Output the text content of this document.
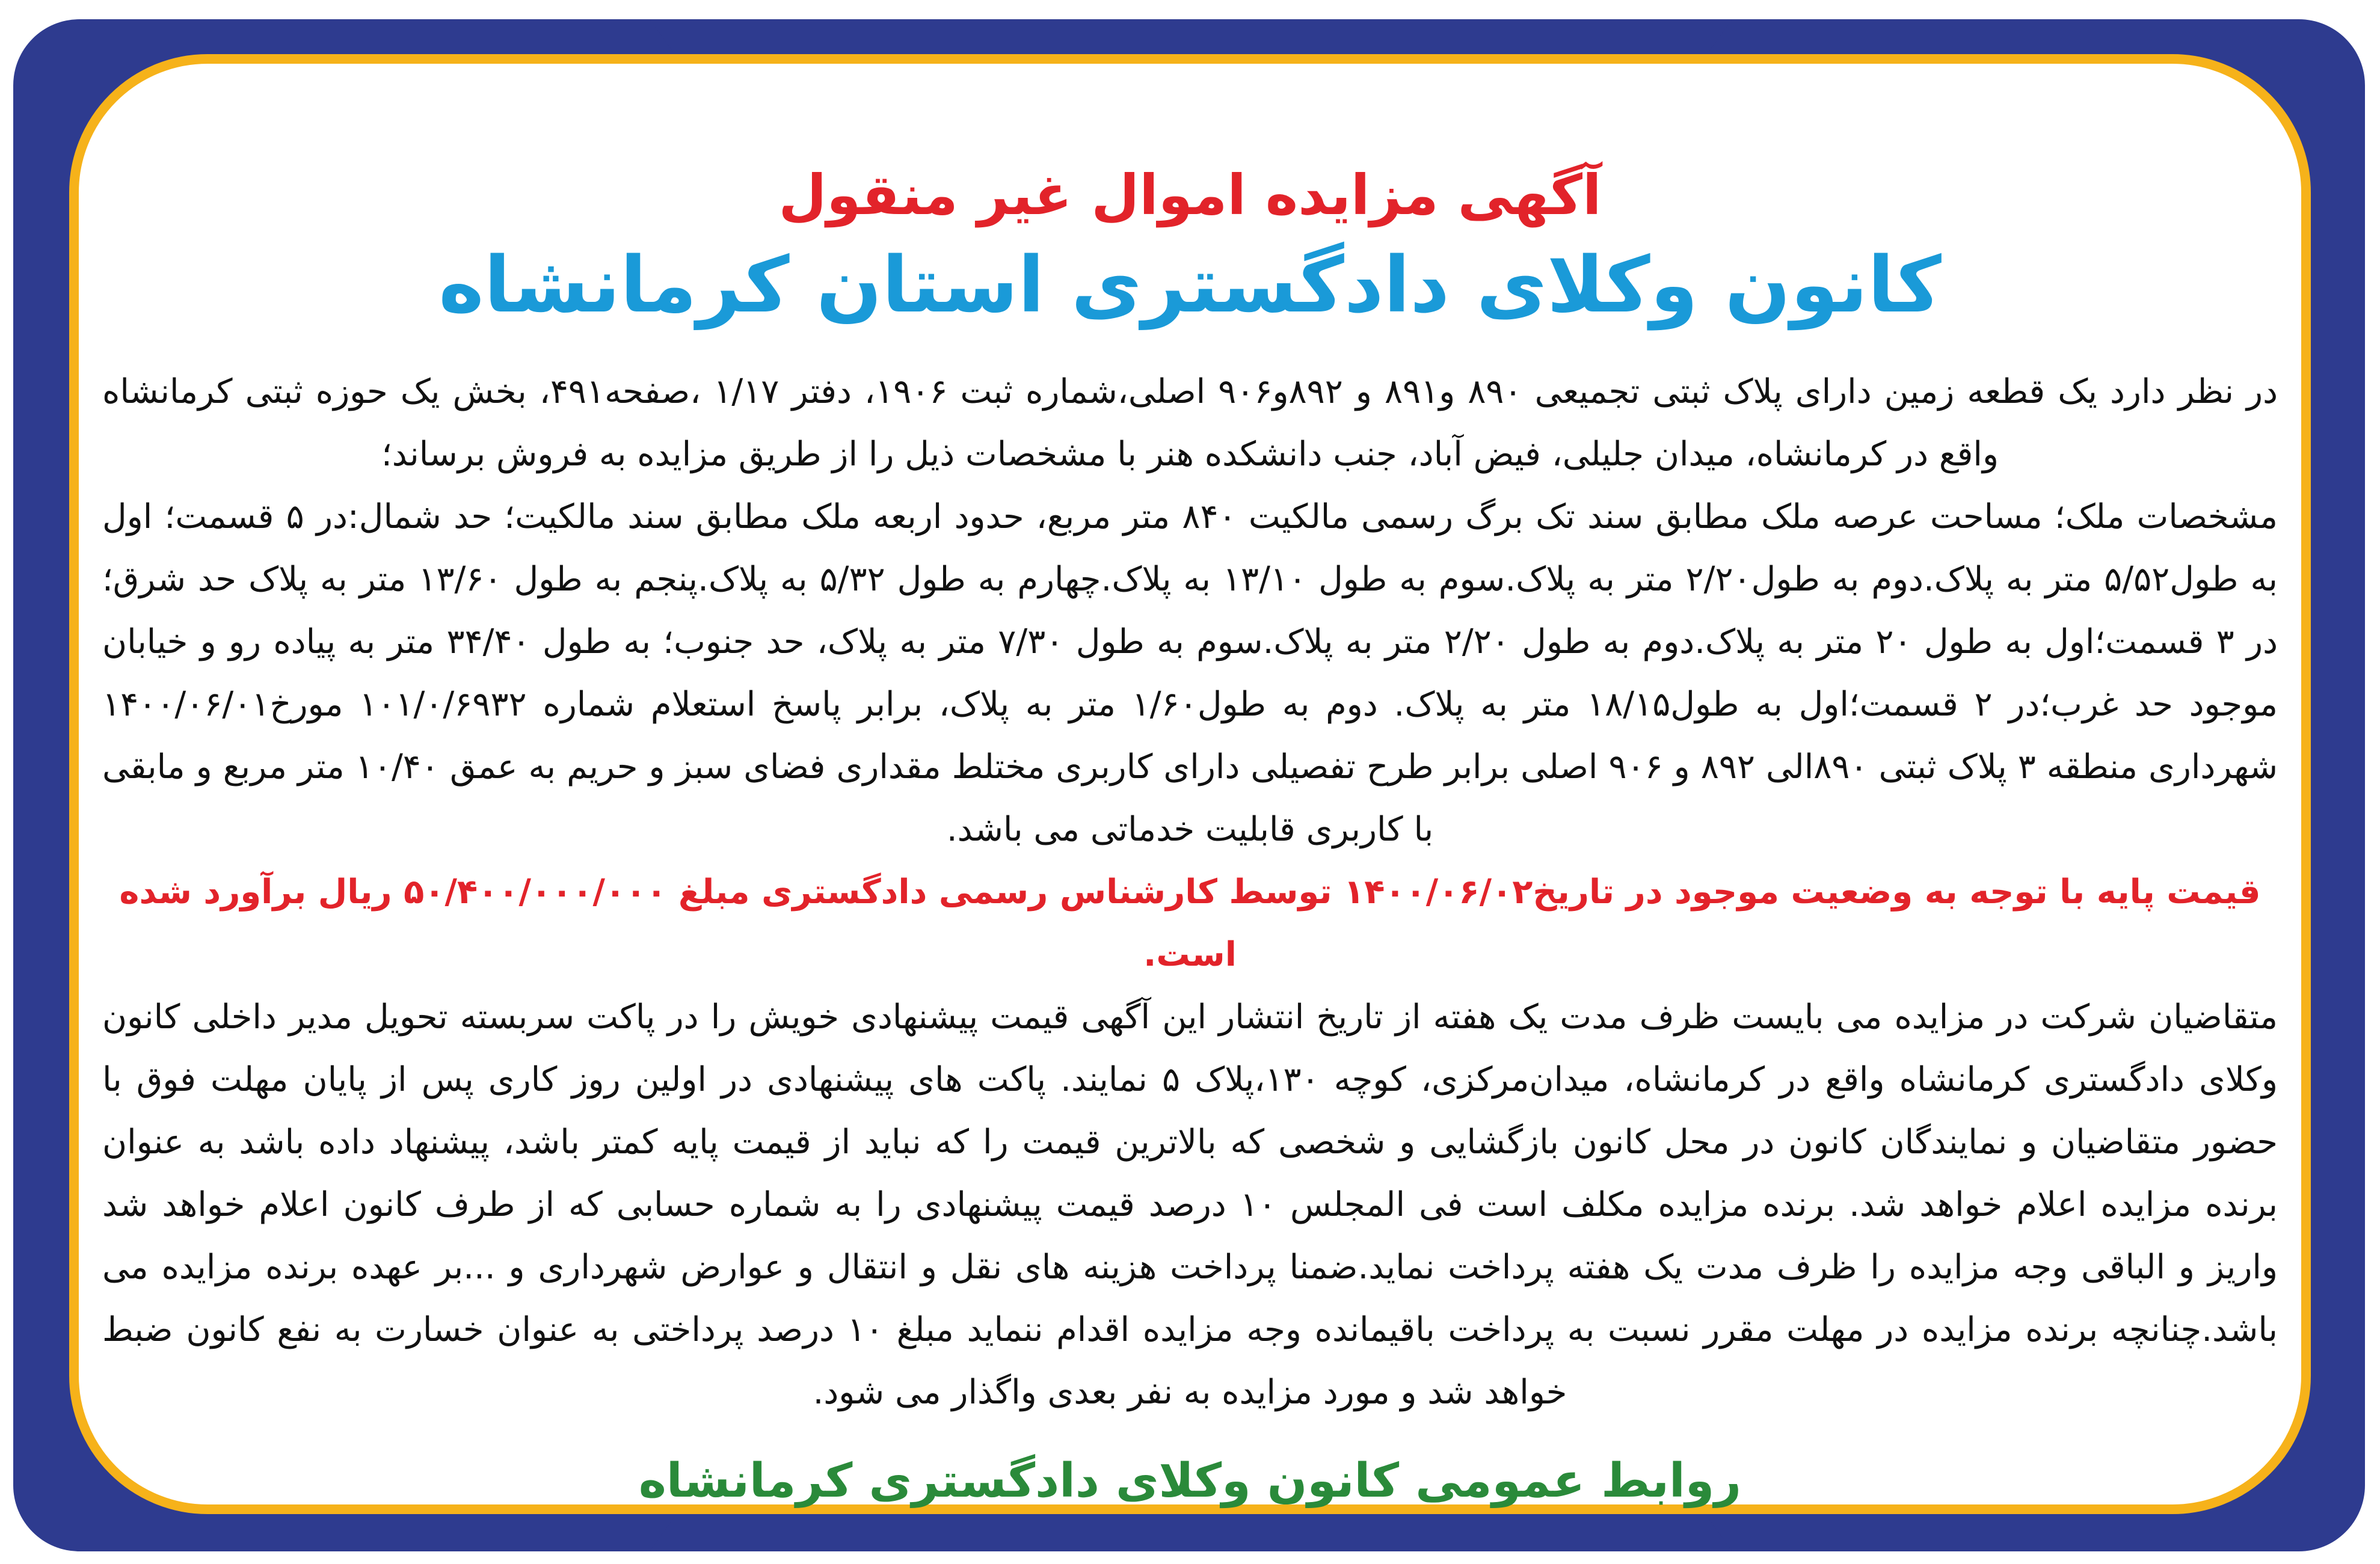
آگهی مزایده اموال غیر منقول
کانون وکلای دادگستری استان کرمانشاه

در نظر دارد یک قطعه زمین دارای پلاک ثبتی تجمیعی ۸۹۰ و۸۹۱ و ۸۹۲و۹۰۶ اصلی،شماره ثبت ۱۹۰۶، دفتر ۱/۱۷ ،صفحه۴۹۱، بخش یک حوزه ثبتی کرمانشاه واقع در کرمانشاه، میدان جلیلی، فیض آباد، جنب دانشکده هنر با مشخصات ذیل را از طریق مزایده به فروش برساند؛

مشخصات ملک؛ مساحت عرصه ملک مطابق سند تک برگ رسمی مالکیت ۸۴۰ متر مربع، حدود اربعه ملک مطابق سند مالکیت؛ حد شمال:در ۵ قسمت؛ اول به طول۵/۵۲ متر به پلاک.دوم به طول۲/۲۰ متر به پلاک.سوم به طول ۱۳/۱۰ به پلاک.چهارم به طول ۵/۳۲ به پلاک.پنجم به طول ۱۳/۶۰ متر به پلاک حد شرق؛ در ۳ قسمت؛اول به طول ۲۰ متر به پلاک.دوم به طول ۲/۲۰ متر به پلاک.سوم به طول ۷/۳۰ متر به پلاک، حد جنوب؛ به طول ۳۴/۴۰ متر به پیاده رو و خیابان موجود حد غرب؛در ۲ قسمت؛اول به طول۱۸/۱۵ متر به پلاک. دوم به طول۱/۶۰ متر به پلاک، برابر پاسخ استعلام شماره ۱۰۱/۰/۶۹۳۲ مورخ۱۴۰۰/۰۶/۰۱ شهرداری منطقه ۳ پلاک ثبتی ۸۹۰الی ۸۹۲ و ۹۰۶ اصلی برابر طرح تفصیلی دارای کاربری مختلط مقداری فضای سبز و حریم به عمق ۱۰/۴۰ متر مربع و مابقی با کاربری قابلیت خدماتی می باشد.

قیمت پایه با توجه به وضعیت موجود در تاریخ۱۴۰۰/۰۶/۰۲ توسط کارشناس رسمی دادگستری مبلغ ۵۰/۴۰۰/۰۰۰/۰۰۰ ریال برآورد شده است.

متقاضیان شرکت در مزایده می بایست ظرف مدت یک هفته از تاریخ انتشار این آگهی قیمت پیشنهادی خویش را در پاکت سربسته تحویل مدیر داخلی کانون وکلای دادگستری کرمانشاه واقع در کرمانشاه، میدان‌مرکزی، کوچه ۱۳۰،پلاک ۵ نمایند. پاکت های پیشنهادی در اولین روز کاری پس از پایان مهلت فوق با حضور متقاضیان و نمایندگان کانون در محل کانون بازگشایی و شخصی که بالاترین قیمت را که نباید از قیمت پایه کمتر باشد، پیشنهاد داده باشد به عنوان برنده مزایده اعلام خواهد شد. برنده مزایده مکلف است فی المجلس ۱۰ درصد قیمت پیشنهادی را به شماره حسابی که از طرف کانون اعلام خواهد شد واریز و الباقی وجه مزایده را ظرف مدت یک هفته پرداخت نماید.ضمنا پرداخت هزینه های نقل و انتقال و عوارض شهرداری و ...بر عهده برنده مزایده می باشد.چنانچه برنده مزایده در مهلت مقرر نسبت به پرداخت باقیمانده وجه مزایده اقدام ننماید مبلغ ۱۰ درصد پرداختی به عنوان خسارت به نفع کانون ضبط خواهد شد و مورد مزایده به نفر بعدی واگذار می شود.

روابط عمومی کانون وکلای دادگستری کرمانشاه
